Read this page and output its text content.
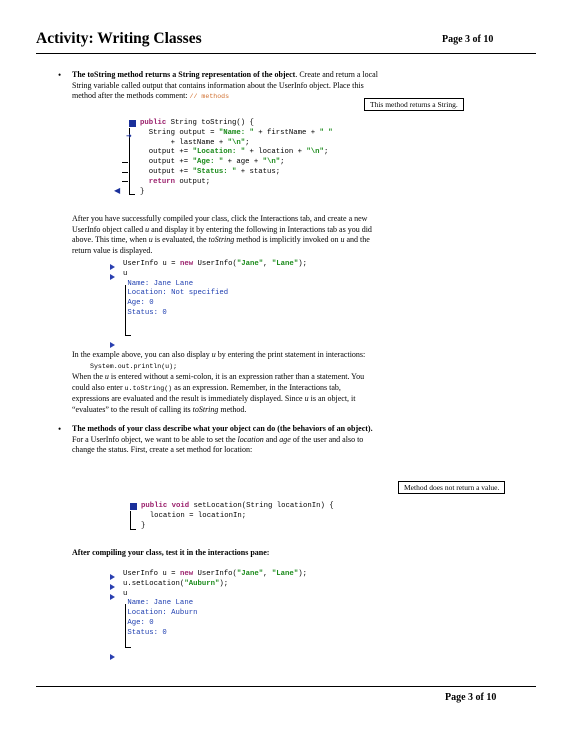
Activity: Writing Classes	Page 3 of 10
• The toString method returns a String representation of the object. Create and return a local
String variable called output that contains information about the UserInfo object. Place this
method after the methods comment: // methods
This method returns a String.
➜
◀
public String toString() {
String output = "Name: " + firstName + " "
+ lastName + "\n";
output += "Location: " + location + "\n";
output += "Age: " + age + "\n";
output += "Status: " + status;
return output;
}
After you have successfully compiled your class, click the Interactions tab, and create a new
UserInfo object called u and display it by entering the following in Interactions tab as you did
above. This time, when u is evaluated, the toString method is implicitly invoked on u and the
return value is displayed.
UserInfo u = new UserInfo("Jane", "Lane");
u
Name: Jane Lane
Location: Not specified
Age: 0
Status: 0
In the example above, you can also display u by entering the print statement in interactions:
System.out.println(u);
When the u is entered without a semi-colon, it is an expression rather than a statement. You
could also enter u.toString() as an expression. Remember, in the Interactions tab,
expressions are evaluated and the result is immediately displayed. Since u is an object, it
“evaluates” to the result of calling its toString method.
• The methods of your class describe what your object can do (the behaviors of an object).
For a UserInfo object, we want to be able to set the location and age of the user and also to
change the status. First, create a set method for location:
Method does not return a value.
public void setLocation(String locationIn) {
location = locationIn;
}
After compiling your class, test it in the interactions pane:
UserInfo u = new UserInfo("Jane", "Lane");
u.setLocation("Auburn");
u
Name: Jane Lane
Location: Auburn
Age: 0
Status: 0
Page 3 of 10
